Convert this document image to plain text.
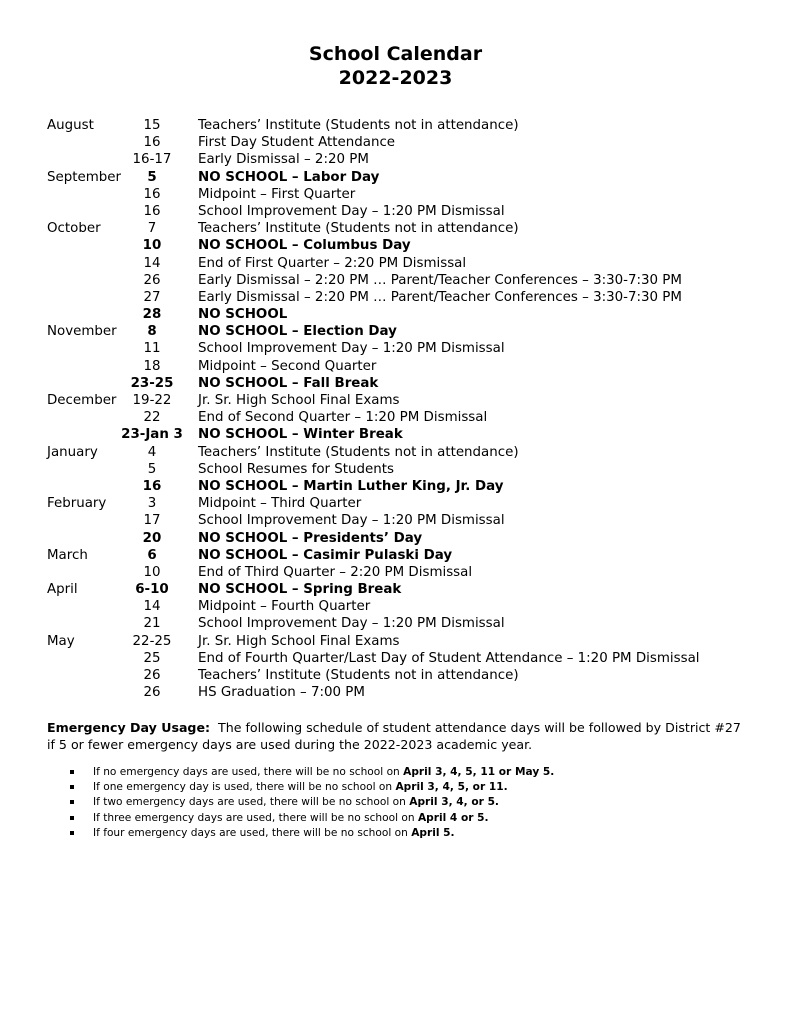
School Calendar
2022-2023
August	15	Teachers’ Institute (Students not in attendance)
16	First Day Student Attendance
16-17	Early Dismissal – 2:20 PM
September	5	NO SCHOOL – Labor Day
16	Midpoint – First Quarter
16	School Improvement Day – 1:20 PM Dismissal
October	7	Teachers’ Institute (Students not in attendance)
10	NO SCHOOL – Columbus Day
14	End of First Quarter – 2:20 PM Dismissal
26	Early Dismissal – 2:20 PM … Parent/Teacher Conferences – 3:30-7:30 PM
27	Early Dismissal – 2:20 PM … Parent/Teacher Conferences – 3:30-7:30 PM
28	NO SCHOOL
November	8	NO SCHOOL – Election Day
11	School Improvement Day – 1:20 PM Dismissal
18	Midpoint – Second Quarter
23-25	NO SCHOOL – Fall Break
December	19-22	Jr. Sr. High School Final Exams
22	End of Second Quarter – 1:20 PM Dismissal
23-Jan 3	NO SCHOOL – Winter Break
January	4	Teachers’ Institute (Students not in attendance)
5	School Resumes for Students
16	NO SCHOOL – Martin Luther King, Jr. Day
February	3	Midpoint – Third Quarter
17	School Improvement Day – 1:20 PM Dismissal
20	NO SCHOOL – Presidents’ Day
March	6	NO SCHOOL – Casimir Pulaski Day
10	End of Third Quarter – 2:20 PM Dismissal
April	6-10	NO SCHOOL – Spring Break
14	Midpoint – Fourth Quarter
21	School Improvement Day – 1:20 PM Dismissal
May	22-25	Jr. Sr. High School Final Exams
25	End of Fourth Quarter/Last Day of Student Attendance – 1:20 PM Dismissal
26	Teachers’ Institute (Students not in attendance)
26	HS Graduation – 7:00 PM
Emergency Day Usage: The following schedule of student attendance days will be followed by District #27 if 5 or fewer emergency days are used during the 2022-2023 academic year.
If no emergency days are used, there will be no school on April 3, 4, 5, 11 or May 5.
If one emergency day is used, there will be no school on April 3, 4, 5, or 11.
If two emergency days are used, there will be no school on April 3, 4, or 5.
If three emergency days are used, there will be no school on April 4 or 5.
If four emergency days are used, there will be no school on April 5.
